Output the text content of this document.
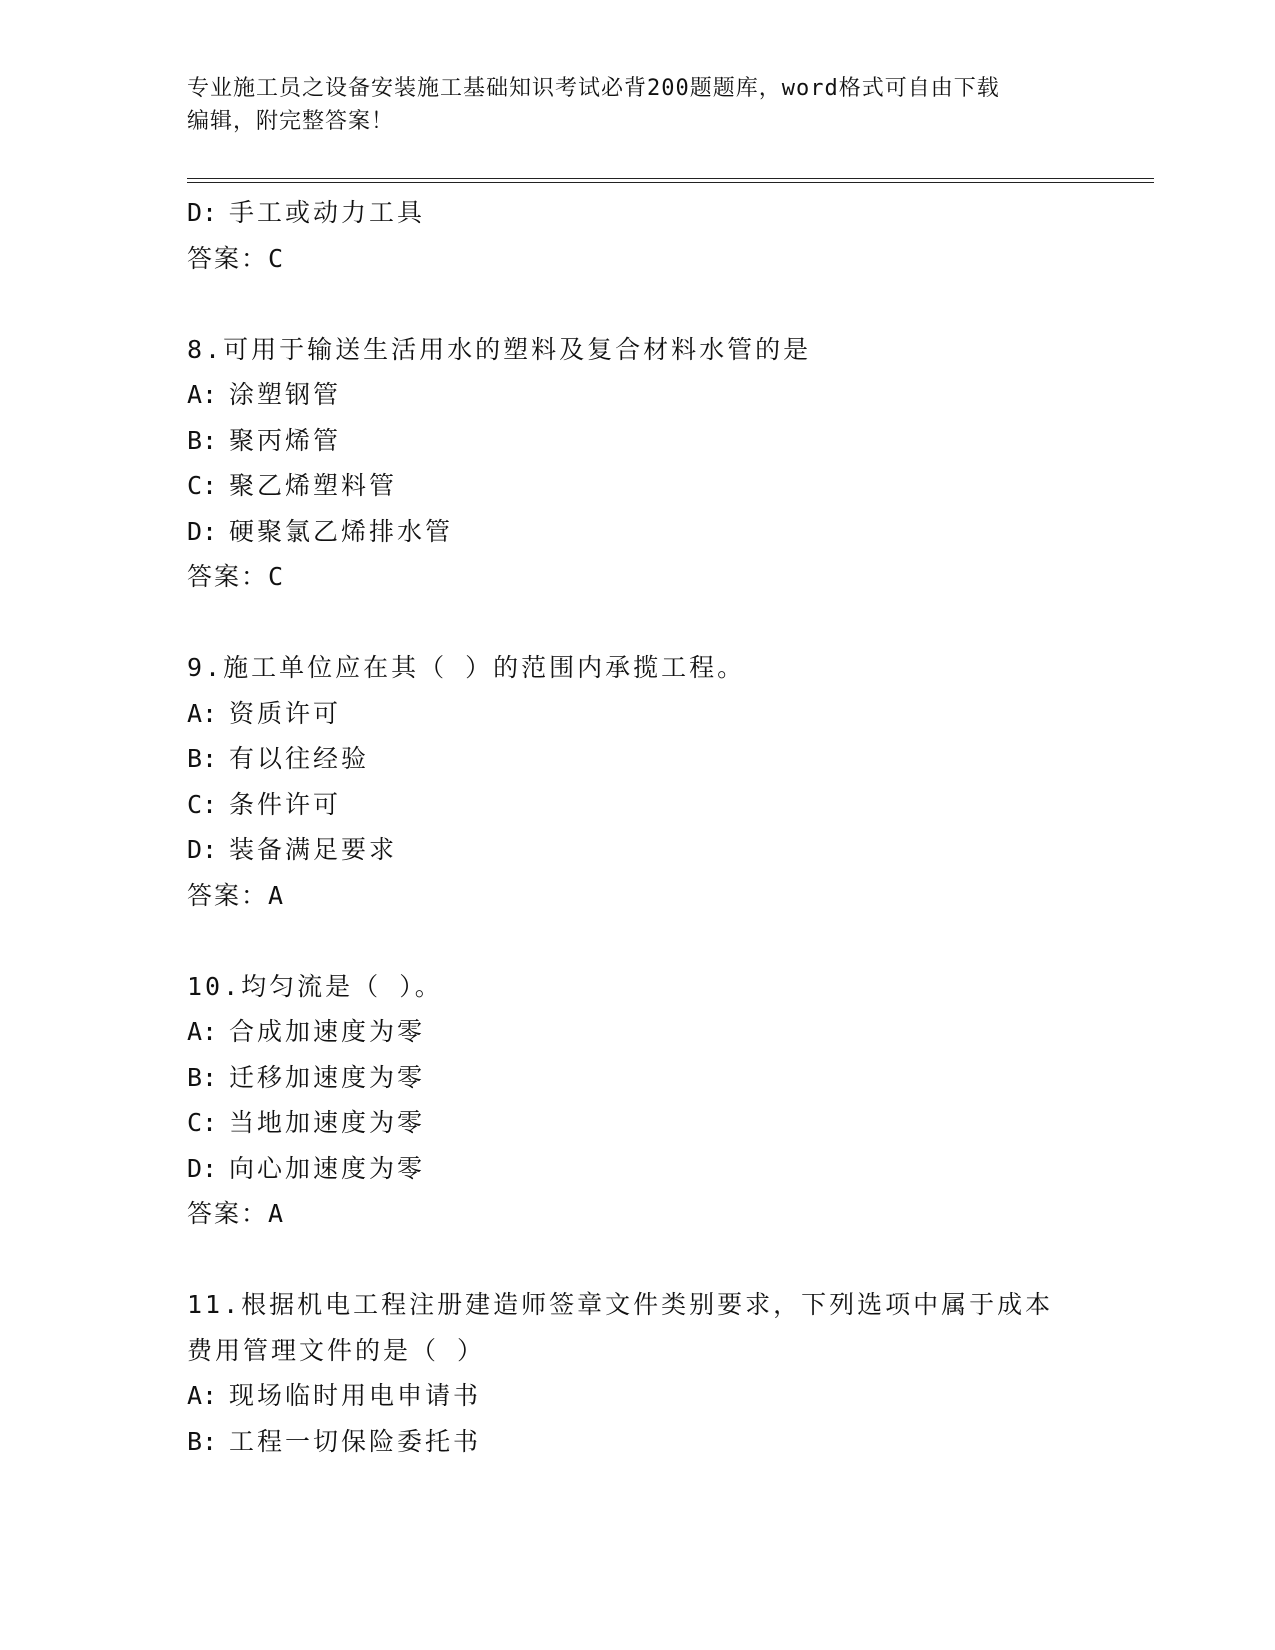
专业施工员之设备安装施工基础知识考试必背200题题库，word格式可自由下载
编辑，附完整答案！
D: 手工或动力工具
答案：C
8.可用于输送生活用水的塑料及复合材料水管的是
A: 涂塑钢管
B: 聚丙烯管
C: 聚乙烯塑料管
D: 硬聚氯乙烯排水管
答案：C
9.施工单位应在其（ ）的范围内承揽工程。
A: 资质许可
B: 有以往经验
C: 条件许可
D: 装备满足要求
答案：A
10.均匀流是（ ）。
A: 合成加速度为零
B: 迁移加速度为零
C: 当地加速度为零
D: 向心加速度为零
答案：A
11.根据机电工程注册建造师签章文件类别要求，下列选项中属于成本
费用管理文件的是（ ）
A: 现场临时用电申请书
B: 工程一切保险委托书
